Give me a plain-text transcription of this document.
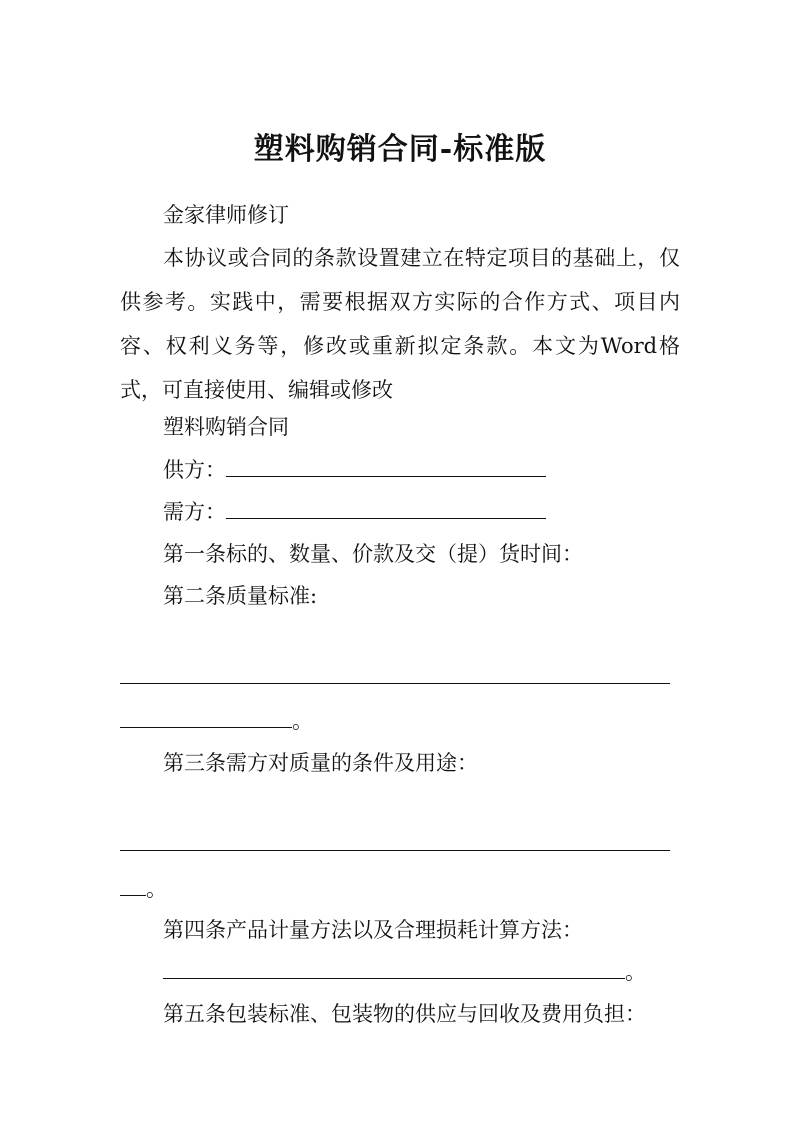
塑料购销合同-标准版
金家律师修订
本协议或合同的条款设置建立在特定项目的基础上，仅供参考。实践中，需要根据双方实际的合作方式、项目内容、权利义务等，修改或重新拟定条款。本文为Word格式，可直接使用、编辑或修改
塑料购销合同
供方：
需方：
第一条标的、数量、价款及交（提）货时间：
第二条质量标准:
。
第三条需方对质量的条件及用途：
。
第四条产品计量方法以及合理损耗计算方法：
。
第五条包装标准、包装物的供应与回收及费用负担：
